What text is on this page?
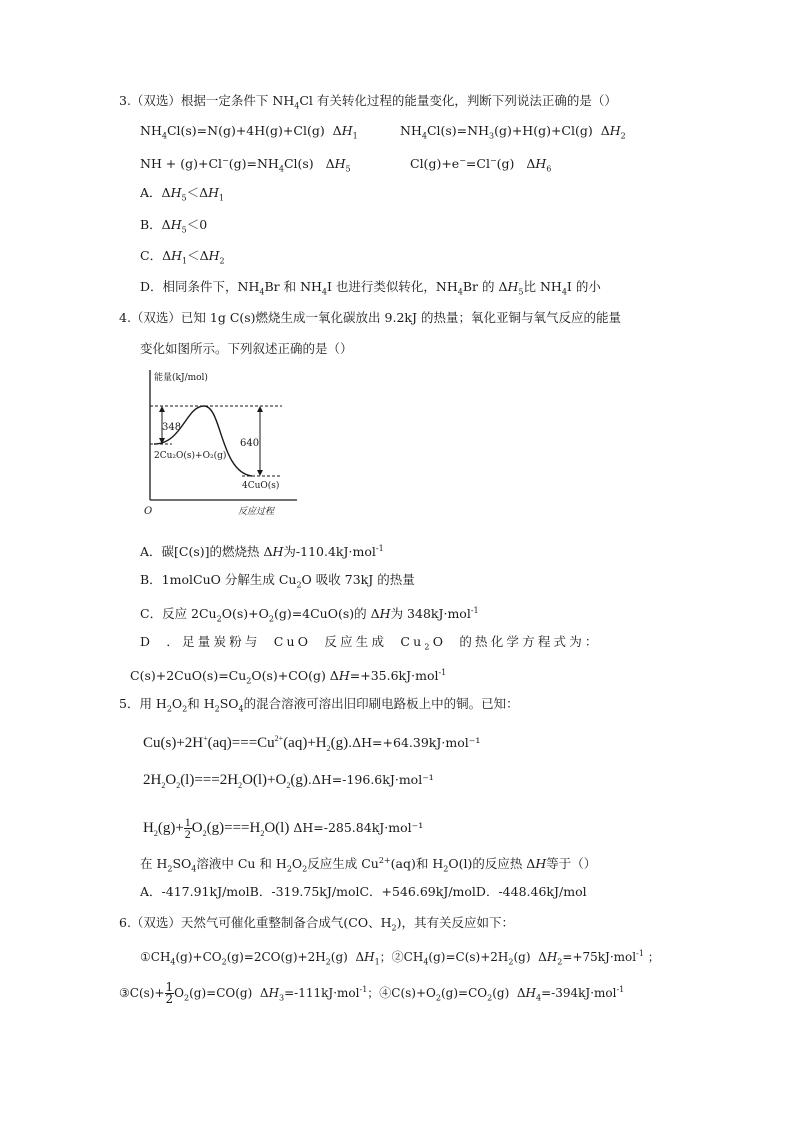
3.（双选）根据一定条件下 $NH_4Cl$ 有关转化过程的能量变化，判断下列说法正确的是（）
$NH_4Cl(s)=N(g)+4H(g)+Cl(g)$  $\Delta H_1$	$NH_4Cl(s)=NH_3(g)+H(g)+Cl(g)$  $\Delta H_2$
NH + $(g)+Cl^-(g)=NH_4Cl(s)$   $\Delta H_5$	Cl(g)+e−=Cl−(g)   $\Delta H_6$
A．$\Delta H_5<\Delta H_1$
B．$\Delta H_5<0$
C．$\Delta H_1<\Delta H_2$
D．相同条件下，$NH_4Br$ 和 $NH_4I$ 也进行类似转化，$NH_4Br$ 的 $\Delta H_5$比 $NH_4I$ 的小
4.（双选）已知 1g C(s)燃烧生成一氧化碳放出 9.2kJ 的热量；氧化亚铜与氧气反应的能量
变化如图所示。下列叙述正确的是（）
能量(kJ/mol)
348
640
2Cu₂O(s)+O₂(g)
4CuO(s)
O	反应过程
A．碳[C(s)]的燃烧热 ΔH为-110.4kJ·mol$^{-1}$
B．1molCuO 分解生成 $Cu_2O$ 吸收 73kJ 的热量
C．反应 $2Cu_2O(s)+O_2(g)=4CuO(s)$的 ΔH为 348kJ·mol$^{-1}$
D ．足量炭粉与 CuO 反应生成 $Cu_2O$ 的热化学方程式为：
$C(s)+2CuO(s)=Cu_2O(s)+CO(g)$ ΔH=+35.6kJ·mol$^{-1}$
5．用 $H_2O_2$和 $H_2SO_4$的混合溶液可溶出旧印刷电路板上中的铜。已知：
$Cu(s)+2H^+(aq)===Cu^{2+}(aq)+H_2(g).\Delta H=+64.39kJ\cdot mol^{-1}$
$2H_2O_2(l)===2H_2O(l)+O_2(g).\Delta H=-196.6kJ\cdot mol^{-1}$
$H_2(g)+ \frac{1}{2} O_2(g)===H_2O(l)$ ΔH=-285.84kJ·mol⁻¹
在 $H_2SO_4$溶液中 Cu 和 $H_2O_2$反应生成 $Cu^{2+}(aq)$和 $H_2O(l)$的反应热 ΔH等于（）
A．-417.91kJ/molB．-319.75kJ/molC．+546.69kJ/molD．-448.46kJ/mol
6.（双选）天然气可催化重整制备合成气(CO、$H_2$)，其有关反应如下：
$①CH_4(g)+CO_2(g)=2CO(g)+2H_2(g)$  $\Delta H_1$；$②CH_4(g)=C(s)+2H_2(g)$  $\Delta H_2=+75kJ\cdot mol^{-1}$ ；
③C(s)+ $\frac{1}{2} O_2(g)=CO(g)$  $\Delta H_3=-111kJ\cdot mol^{-1}$；$④C(s)+O_2(g)=CO_2(g)$  $\Delta H_4=-394kJ\cdot mol^{-1}$
